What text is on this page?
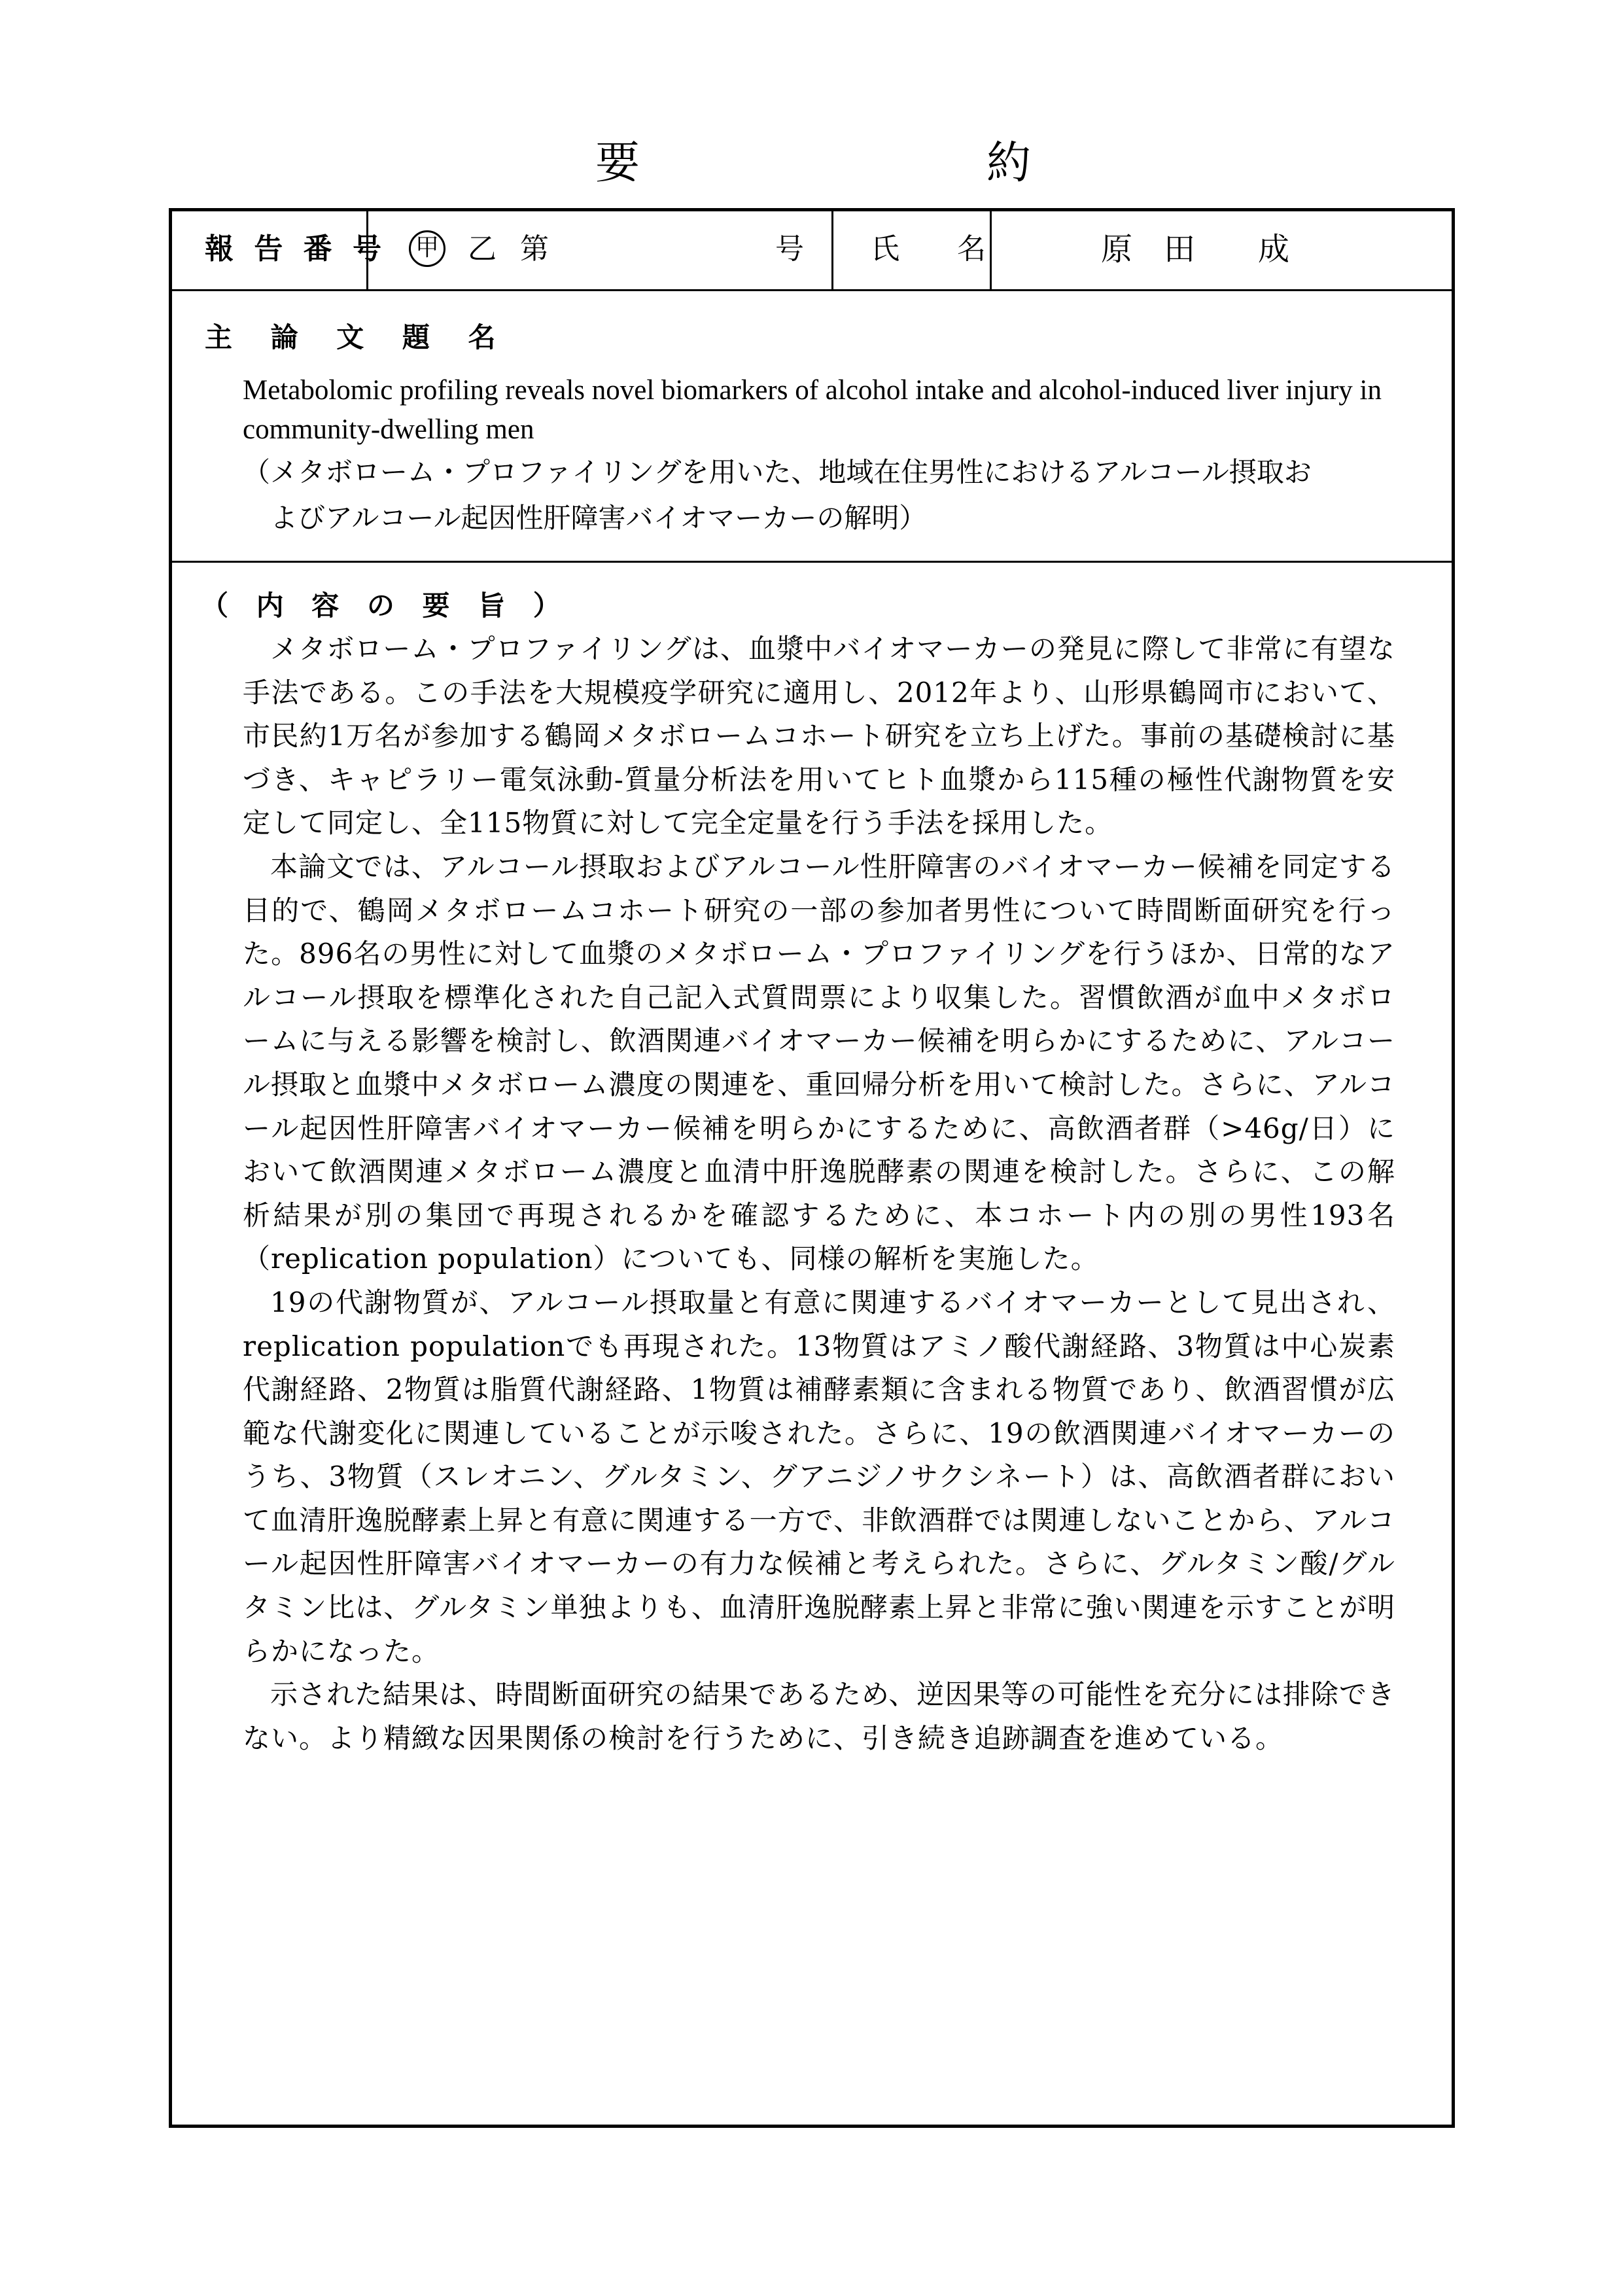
要	約
報 告 番 号 甲 乙 第	号 氏　　名	原　田　　成
主 論 文 題 名
Metabolomic profiling reveals novel biomarkers of alcohol intake and alcohol-induced liver injury in community-dwelling men
（メタボローム・プロファイリングを用いた、地域在住男性におけるアルコール摂取お
よびアルコール起因性肝障害バイオマーカーの解明）
（ 内 容 の 要 旨 ）

メタボローム・プロファイリングは、血漿中バイオマーカーの発見に際して非常に有望な手法である。この手法を大規模疫学研究に適用し、2012年より、山形県鶴岡市において、市民約1万名が参加する鶴岡メタボロームコホート研究を立ち上げた。事前の基礎検討に基づき、キャピラリー電気泳動-質量分析法を用いてヒト血漿から115種の極性代謝物質を安定して同定し、全115物質に対して完全定量を行う手法を採用した。

本論文では、アルコール摂取およびアルコール性肝障害のバイオマーカー候補を同定する目的で、鶴岡メタボロームコホート研究の一部の参加者男性について時間断面研究を行った。896名の男性に対して血漿のメタボローム・プロファイリングを行うほか、日常的なアルコール摂取を標準化された自己記入式質問票により収集した。習慣飲酒が血中メタボロームに与える影響を検討し、飲酒関連バイオマーカー候補を明らかにするために、アルコール摂取と血漿中メタボローム濃度の関連を、重回帰分析を用いて検討した。さらに、アルコール起因性肝障害バイオマーカー候補を明らかにするために、高飲酒者群（>46g/日）において飲酒関連メタボローム濃度と血清中肝逸脱酵素の関連を検討した。さらに、この解析結果が別の集団で再現されるかを確認するために、本コホート内の別の男性193名（replication population）についても、同様の解析を実施した。

19の代謝物質が、アルコール摂取量と有意に関連するバイオマーカーとして見出され、replication populationでも再現された。13物質はアミノ酸代謝経路、3物質は中心炭素代謝経路、2物質は脂質代謝経路、1物質は補酵素類に含まれる物質であり、飲酒習慣が広範な代謝変化に関連していることが示唆された。さらに、19の飲酒関連バイオマーカーのうち、3物質（スレオニン、グルタミン、グアニジノサクシネート）は、高飲酒者群において血清肝逸脱酵素上昇と有意に関連する一方で、非飲酒群では関連しないことから、アルコール起因性肝障害バイオマーカーの有力な候補と考えられた。さらに、グルタミン酸/グルタミン比は、グルタミン単独よりも、血清肝逸脱酵素上昇と非常に強い関連を示すことが明らかになった。

示された結果は、時間断面研究の結果であるため、逆因果等の可能性を充分には排除できない。より精緻な因果関係の検討を行うために、引き続き追跡調査を進めている。
